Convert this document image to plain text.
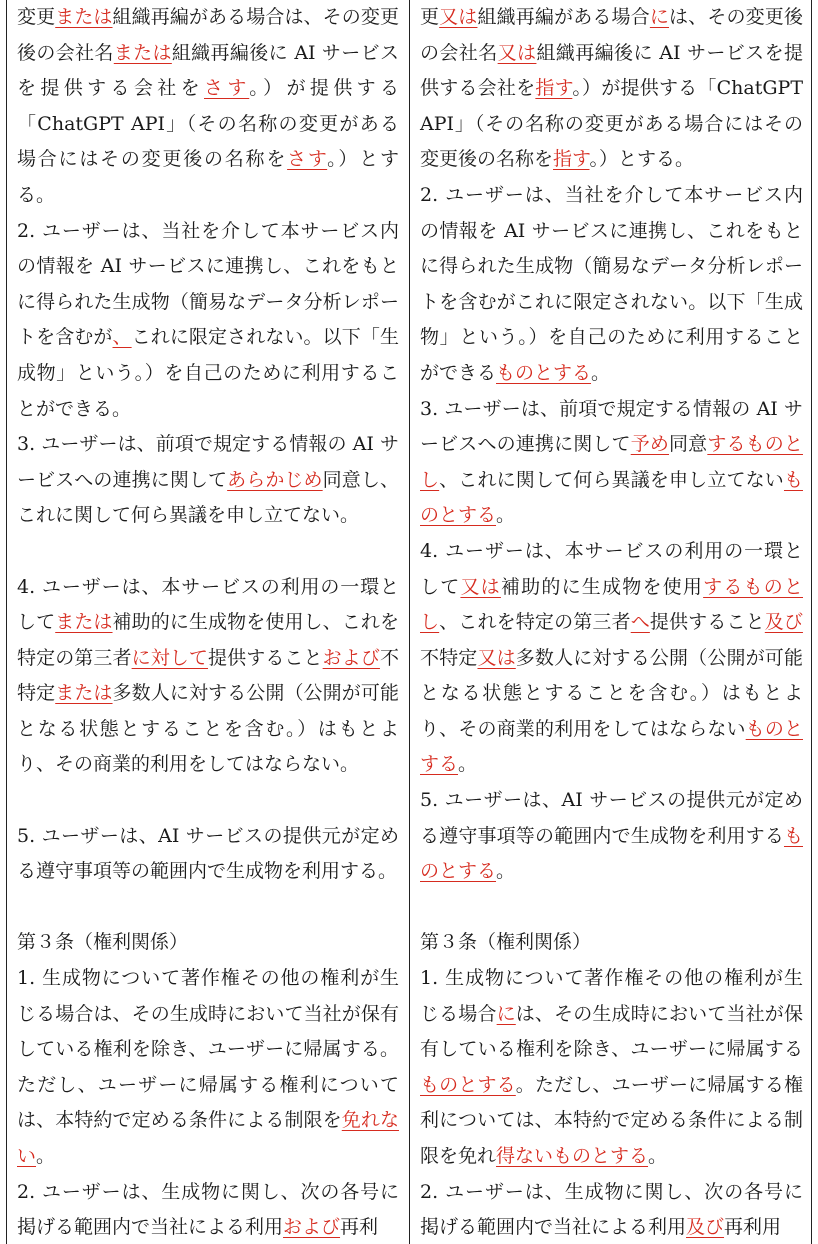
変更または組織再編がある場合は、その変更後の会社名または組織再編後に AI サービスを提供する会社をさす。）が提供する「ChatGPT API」（その名称の変更がある場合にはその変更後の名称をさす。）とする。
2. ユーザーは、当社を介して本サービス内の情報を AI サービスに連携し、これをもとに得られた生成物（簡易なデータ分析レポートを含むが、これに限定されない。以下「生成物」という。）を自己のために利用することができる。
3. ユーザーは、前項で規定する情報の AI サービスへの連携に関してあらかじめ同意し、これに関して何ら異議を申し立てない。
4. ユーザーは、本サービスの利用の一環としてまたは補助的に生成物を使用し、これを特定の第三者に対して提供することおよび不特定または多数人に対する公開（公開が可能となる状態とすることを含む。）はもとより、その商業的利用をしてはならない。
5. ユーザーは、AI サービスの提供元が定める遵守事項等の範囲内で生成物を利用する。
第３条（権利関係）
1. 生成物について著作権その他の権利が生じる場合は、その生成時において当社が保有している権利を除き、ユーザーに帰属する。ただし、ユーザーに帰属する権利については、本特約で定める条件による制限を免れない。
2. ユーザーは、生成物に関し、次の各号に掲げる範囲内で当社による利用および再利
更又は組織再編がある場合には、その変更後の会社名又は組織再編後に AI サービスを提供する会社を指す。）が提供する「ChatGPT API」（その名称の変更がある場合にはその変更後の名称を指す。）とする。
2. ユーザーは、当社を介して本サービス内の情報を AI サービスに連携し、これをもとに得られた生成物（簡易なデータ分析レポートを含むがこれに限定されない。以下「生成物」という。）を自己のために利用することができるものとする。
3. ユーザーは、前項で規定する情報の AI サービスへの連携に関して予め同意するものとし、これに関して何ら異議を申し立てないものとする。
4. ユーザーは、本サービスの利用の一環として又は補助的に生成物を使用するものとし、これを特定の第三者へ提供すること及び不特定又は多数人に対する公開（公開が可能となる状態とすることを含む。）はもとより、その商業的利用をしてはならないものとする。
5. ユーザーは、AI サービスの提供元が定める遵守事項等の範囲内で生成物を利用するものとする。
第３条（権利関係）
1. 生成物について著作権その他の権利が生じる場合には、その生成時において当社が保有している権利を除き、ユーザーに帰属するものとする。ただし、ユーザーに帰属する権利については、本特約で定める条件による制限を免れ得ないものとする。
2. ユーザーは、生成物に関し、次の各号に掲げる範囲内で当社による利用及び再利用
